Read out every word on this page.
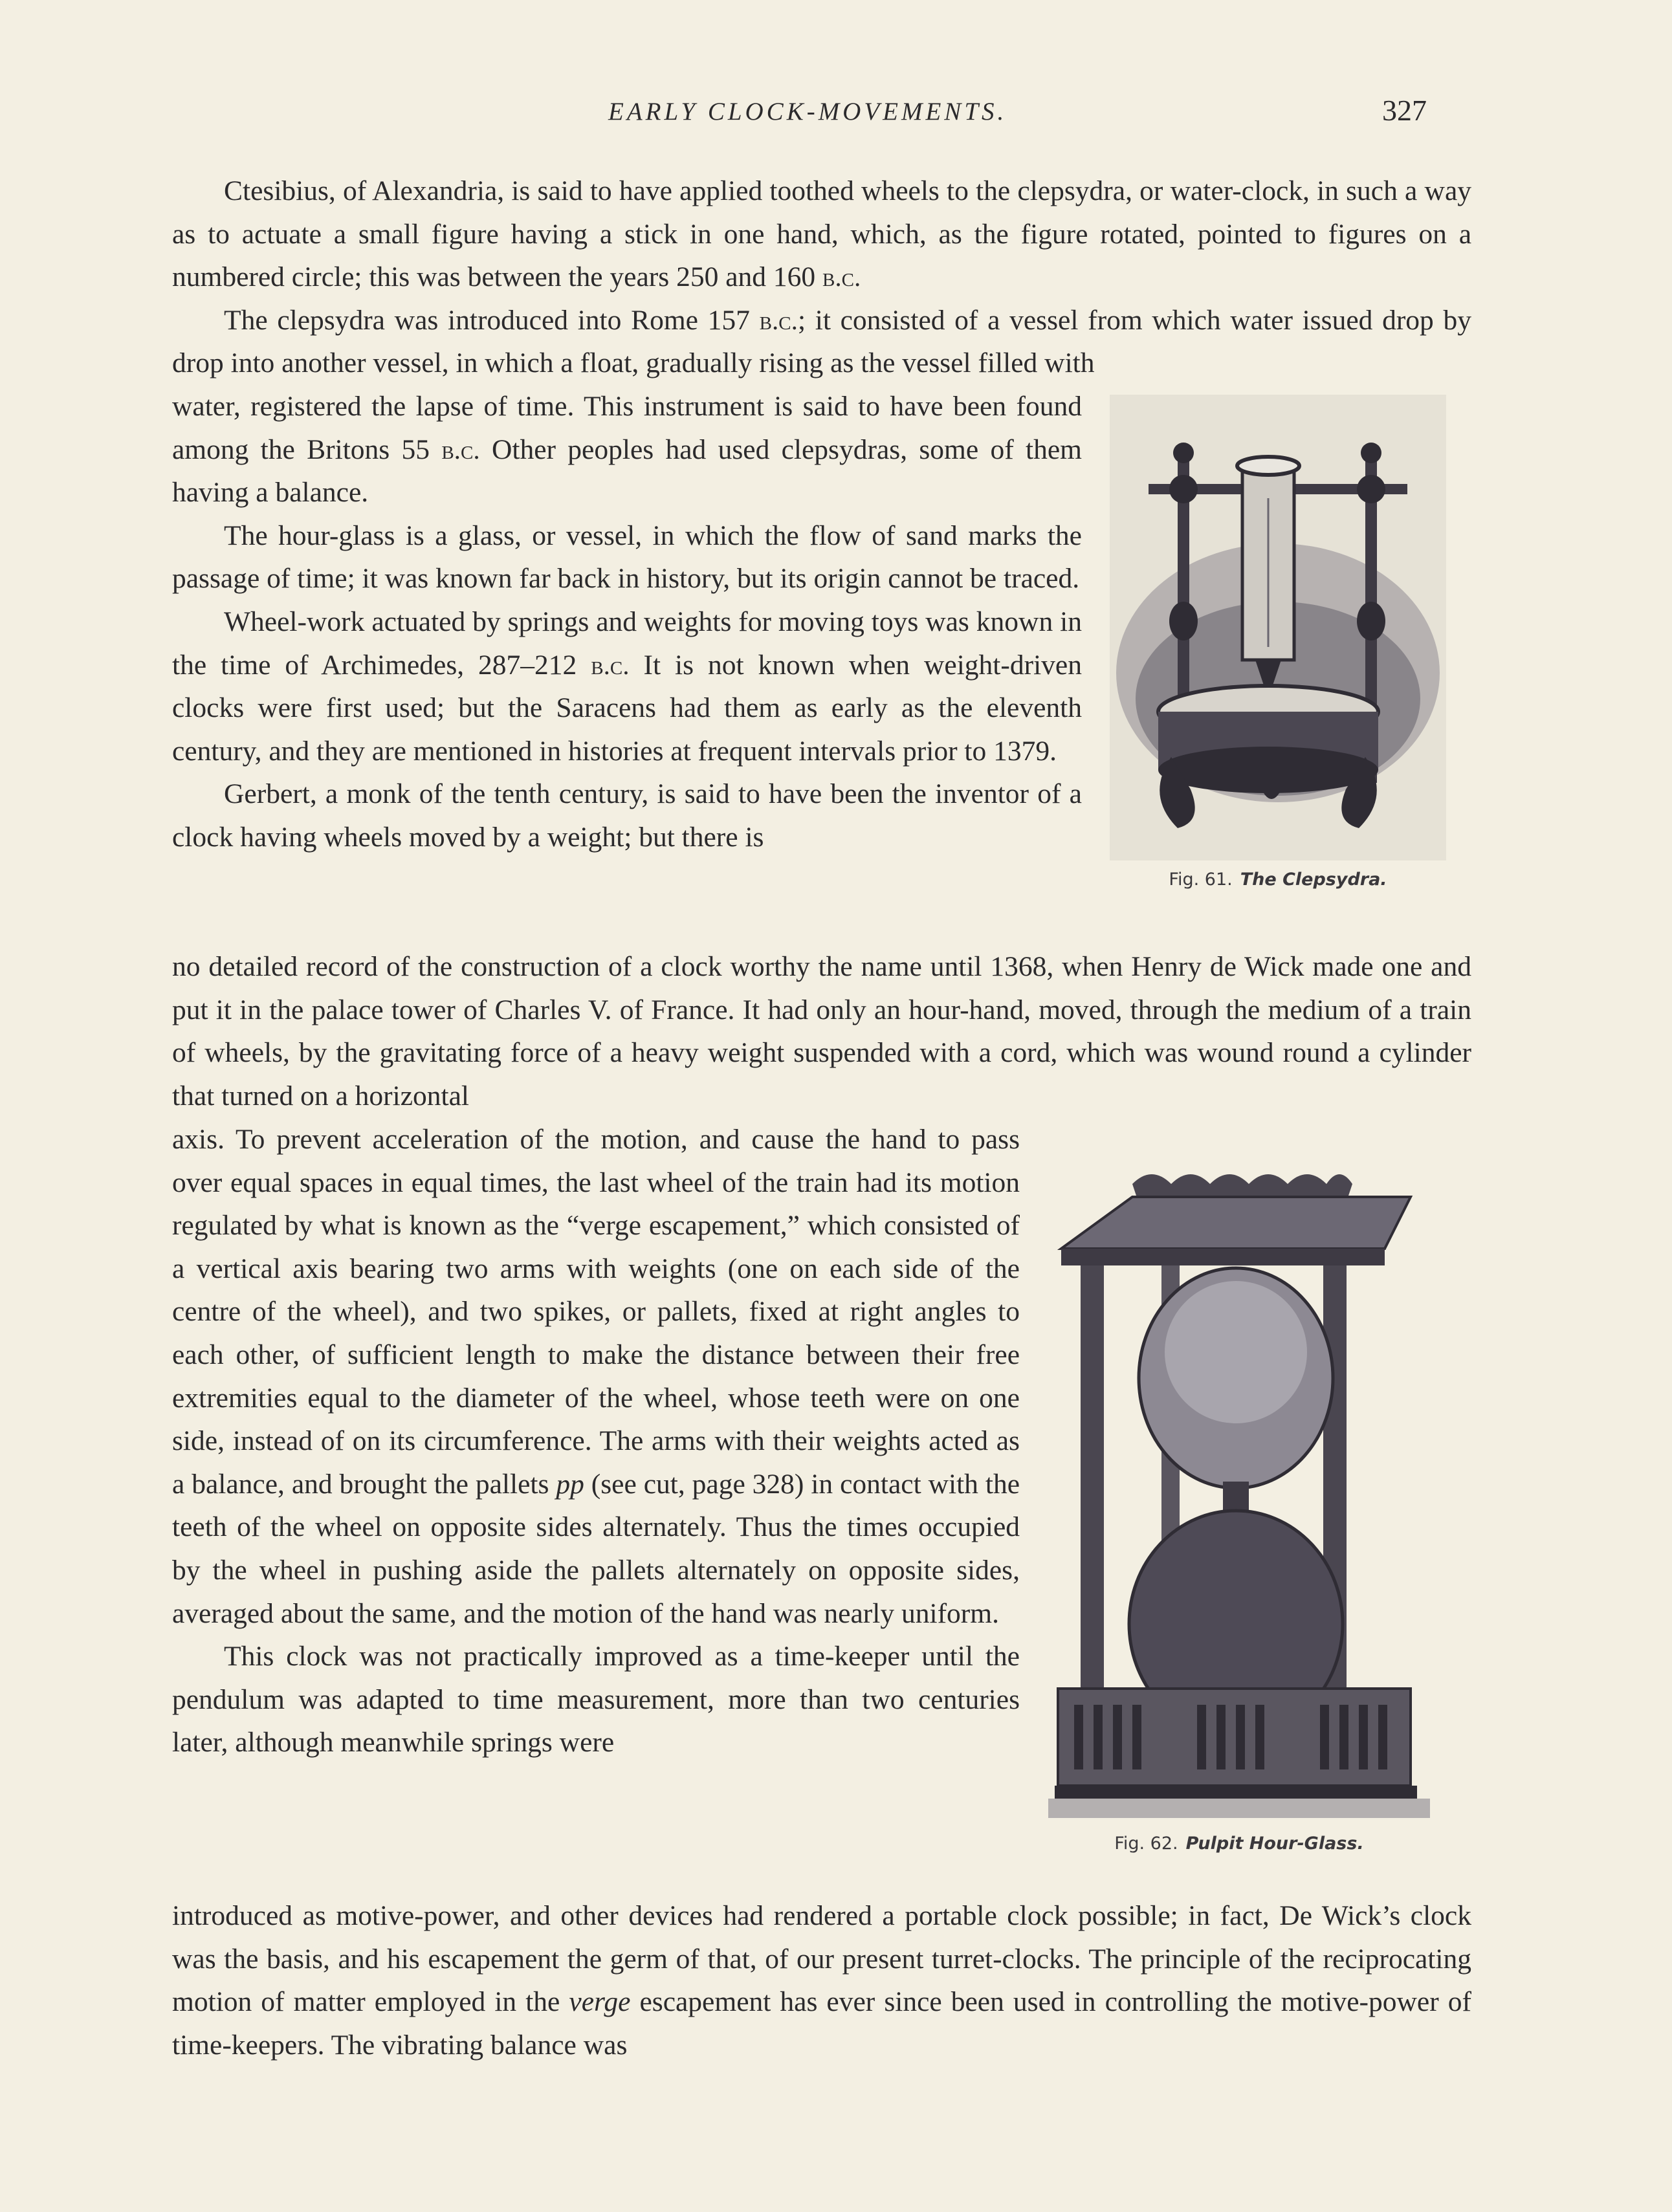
EARLY CLOCK-MOVEMENTS.	327

Ctesibius, of Alexandria, is said to have applied toothed wheels to the clepsydra, or water-clock, in such a way as to actuate a small figure having a stick in one hand, which, as the figure rotated, pointed to figures on a numbered circle; this was between the years 250 and 160 b.c.

The clepsydra was introduced into Rome 157 b.c.; it consisted of a vessel from which water issued drop by drop into another vessel, in which a float, gradually rising as the vessel filled with

water, registered the lapse of time. This instrument is said to have been found among the Britons 55 b.c. Other peoples had used clepsydras, some of them having a balance.

The hour-glass is a glass, or vessel, in which the flow of sand marks the passage of time; it was known far back in history, but its origin cannot be traced.

Wheel-work actuated by springs and weights for moving toys was known in the time of Archimedes, 287–212 b.c. It is not known when weight-driven clocks were first used; but the Saracens had them as early as the eleventh century, and they are mentioned in histories at frequent intervals prior to 1379.

Gerbert, a monk of the tenth century, is said to have been the inventor of a clock having wheels moved by a weight; but there is

no detailed record of the construction of a clock worthy the name until 1368, when Henry de Wick made one and put it in the palace tower of Charles V. of France. It had only an hour-hand, moved, through the medium of a train of wheels, by the gravitating force of a heavy weight suspended with a cord, which was wound round a cylinder that turned on a horizontal

axis. To prevent acceleration of the motion, and cause the hand to pass over equal spaces in equal times, the last wheel of the train had its motion regulated by what is known as the “verge escapement,” which consisted of a vertical axis bearing two arms with weights (one on each side of the centre of the wheel), and two spikes, or pallets, fixed at right angles to each other, of sufficient length to make the distance between their free extremities equal to the diameter of the wheel, whose teeth were on one side, instead of on its circumference. The arms with their weights acted as a balance, and brought the pallets pp (see cut, page 328) in contact with the teeth of the wheel on opposite sides alternately. Thus the times occupied by the wheel in pushing aside the pallets alternately on opposite sides, averaged about the same, and the motion of the hand was nearly uniform.

This clock was not practically improved as a time-keeper until the pendulum was adapted to time measurement, more than two centuries later, although meanwhile springs were

introduced as motive-power, and other devices had rendered a portable clock possible; in fact, De Wick’s clock was the basis, and his escapement the germ of that, of our present turret-clocks. The principle of the reciprocating motion of matter employed in the verge escapement has ever since been used in controlling the motive-power of time-keepers. The vibrating balance was

Fig. 61. The Clepsydra.
Fig. 62. Pulpit Hour-Glass.
